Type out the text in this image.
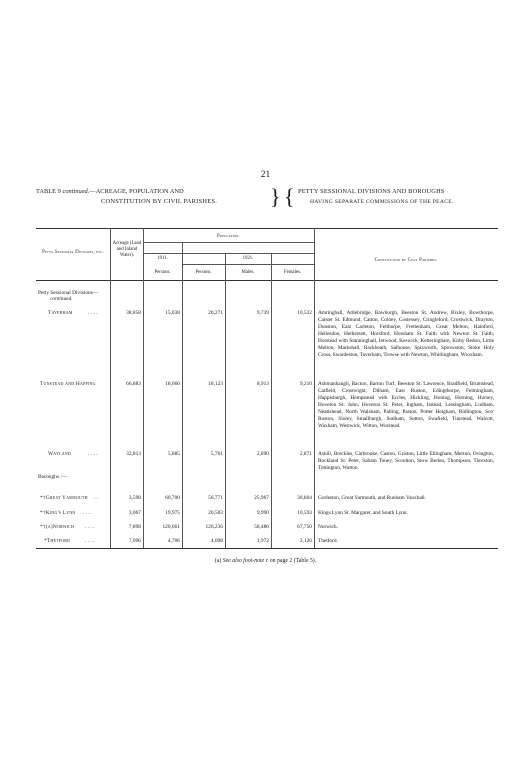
21
TABLE 9 continued.—ACREAGE, POPULATION AND
CONSTITUTION BY CIVIL PARISHES.	} { PETTY SESSIONAL DIVISIONS AND BOROUGHS
HAVING SEPARATE COMMISSIONS OF THE PEACE.
Petty Sessional Divisions, etc.
Acreage (Land and Inland Water).
Population.
1911.	1921.
Persons.	Persons.	Males.	Females.
Constitution by Civil Parishes.
Petty Sessional Divisions—
continued.
Boroughs :—
Taverham	. . . .	38,858	15,038	20,271	9,739	10,532 Amringhall, Attlebridge, Bawburgh, Beeston St. Andrew, Bixley, Bowthorpe, Caister St. Edmund, Catton, Colney, Costessey, Cringleford, Crostwick, Drayton, Dunston, East Carleton, Felthorpe, Frettenham, Great Melton, Hainford, Hellesdon, Hethersett, Horsford, Horsham St. Faith with Newton St. Faith, Horstead with Stanninghall, Intwood, Keswick, Ketteringham, Kirby Bedon, Little Melton, Markshall, Rackheath, Salhouse, Spixworth, Sprowston, Stoke Holy Cross, Swardeston, Taverham, Trowse with Newton, Whitlingham, Wroxham.
Tunstead and Happing	66,883	18,060	18,123	8,913	9,210 Ashmanhaugh, Bacton, Barton Turf, Beeston St. Lawrence, Bradfield, Brumstead, Catfield, Crostwight, Dilham, East Ruston, Edingthorpe, Felmingham, Happisburgh, Hempstead with Eccles, Hickling, Honing, Horning, Horsey, Hoveton St. John, Hoveton St. Peter, Ingham, Irstead, Lessingham, Ludham, Neatishead, North Walsham, Palling, Paston, Potter Heigham, Ridlington, Sco' Ruston, Sloley, Smallburgh, Stalham, Sutton, Swafield, Tunstead, Walcott, Waxham, Westwick, Witton, Worstead.
Wayland	. . . .	32,813	5,885	5,761	2,890	2,871 Ashill, Breckles, Carbrooke, Caston, Griston, Little Ellingham, Merton, Ovington, Rockland St. Peter, Saham Toney, Scoulton, Stow Bedon, Thompson, Threxton, Tottington, Watton.
*†Great Yarmouth . .	3,598	60,700	56,771	25,967	30,804 Gorleston, Great Yarmouth, and Runham Vauxhall.
*†King's Lynn . . . .	3,067	19,975	20,583	9,990	10,593 Kings Lynn St. Margaret, and South Lynn.
*†(a)Norwich . . . .	7,898	120,661	126,236	58,486	67,750 Norwich.
*Thetford	. . . .	7,096	4,706	4,098	1,972	2,126 Thetford.
(a) See also foot-note c on page 2 (Table 5).
